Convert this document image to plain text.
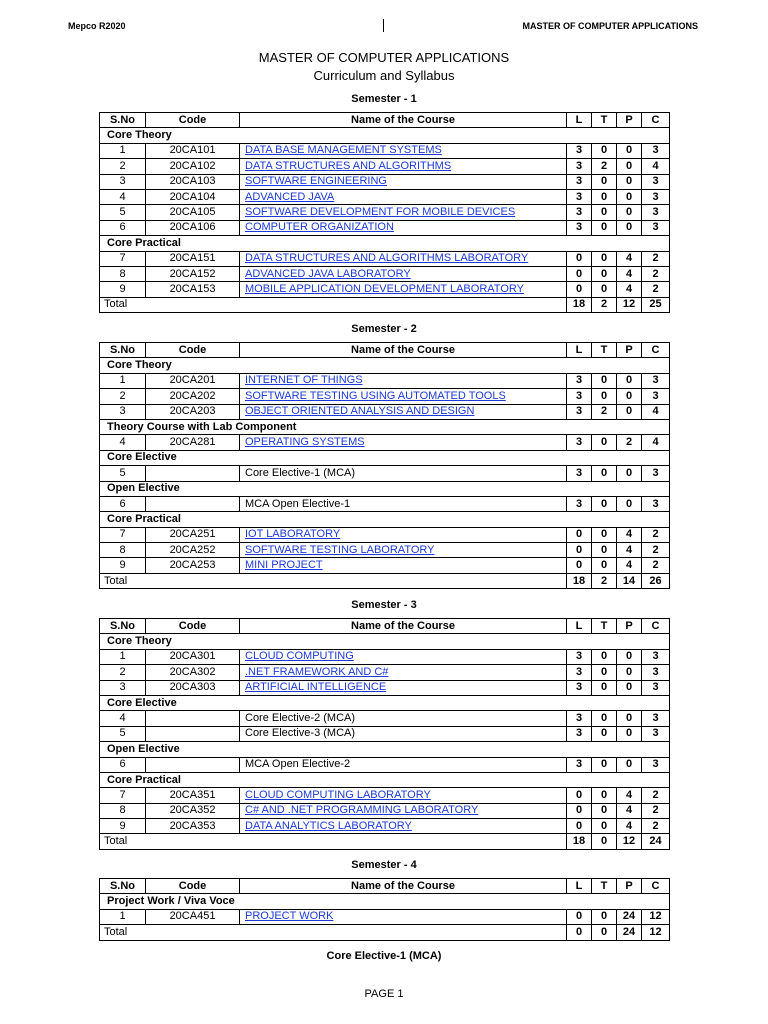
Mepco R2020	MASTER OF COMPUTER APPLICATIONS
MASTER OF COMPUTER APPLICATIONS
Curriculum and Syllabus
Semester - 1
S.No	Code	Name of the Course	L	T	P	C
Core Theory						
1	20CA101	DATA BASE MANAGEMENT SYSTEMS	3	0	0	3
2	20CA102	DATA STRUCTURES AND ALGORITHMS	3	2	0	4
3	20CA103	SOFTWARE ENGINEERING	3	0	0	3
4	20CA104	ADVANCED JAVA	3	0	0	3
5	20CA105	SOFTWARE DEVELOPMENT FOR MOBILE DEVICES	3	0	0	3
6	20CA106	COMPUTER ORGANIZATION	3	0	0	3
Core Practical						
7	20CA151	DATA STRUCTURES AND ALGORITHMS LABORATORY	0	0	4	2
8	20CA152	ADVANCED JAVA LABORATORY	0	0	4	2
9	20CA153	MOBILE APPLICATION DEVELOPMENT LABORATORY	0	0	4	2
Total			18	2	12	25
Semester - 2
S.No	Code	Name of the Course	L	T	P	C
Core Theory						
1	20CA201	INTERNET OF THINGS	3	0	0	3
2	20CA202	SOFTWARE TESTING USING AUTOMATED TOOLS	3	0	0	3
3	20CA203	OBJECT ORIENTED ANALYSIS AND DESIGN	3	2	0	4
Theory Course with Lab Component						
4	20CA281	OPERATING SYSTEMS	3	0	2	4
Core Elective						
5		Core Elective-1 (MCA)	3	0	0	3
Open Elective						
6		MCA Open Elective-1	3	0	0	3
Core Practical						
7	20CA251	IOT LABORATORY	0	0	4	2
8	20CA252	SOFTWARE TESTING LABORATORY	0	0	4	2
9	20CA253	MINI PROJECT	0	0	4	2
Total			18	2	14	26
Semester - 3
S.No	Code	Name of the Course	L	T	P	C
Core Theory						
1	20CA301	CLOUD COMPUTING	3	0	0	3
2	20CA302	.NET FRAMEWORK AND C#	3	0	0	3
3	20CA303	ARTIFICIAL INTELLIGENCE	3	0	0	3
Core Elective						
4		Core Elective-2 (MCA)	3	0	0	3
5		Core Elective-3 (MCA)	3	0	0	3
Open Elective						
6		MCA Open Elective-2	3	0	0	3
Core Practical						
7	20CA351	CLOUD COMPUTING LABORATORY	0	0	4	2
8	20CA352	C# AND .NET PROGRAMMING LABORATORY	0	0	4	2
9	20CA353	DATA ANALYTICS LABORATORY	0	0	4	2
Total			18	0	12	24
Semester - 4
S.No	Code	Name of the Course	L	T	P	C
Project Work / Viva Voce						
1	20CA451	PROJECT WORK	0	0	24	12
Total			0	0	24	12
Core Elective-1 (MCA)
PAGE 1
